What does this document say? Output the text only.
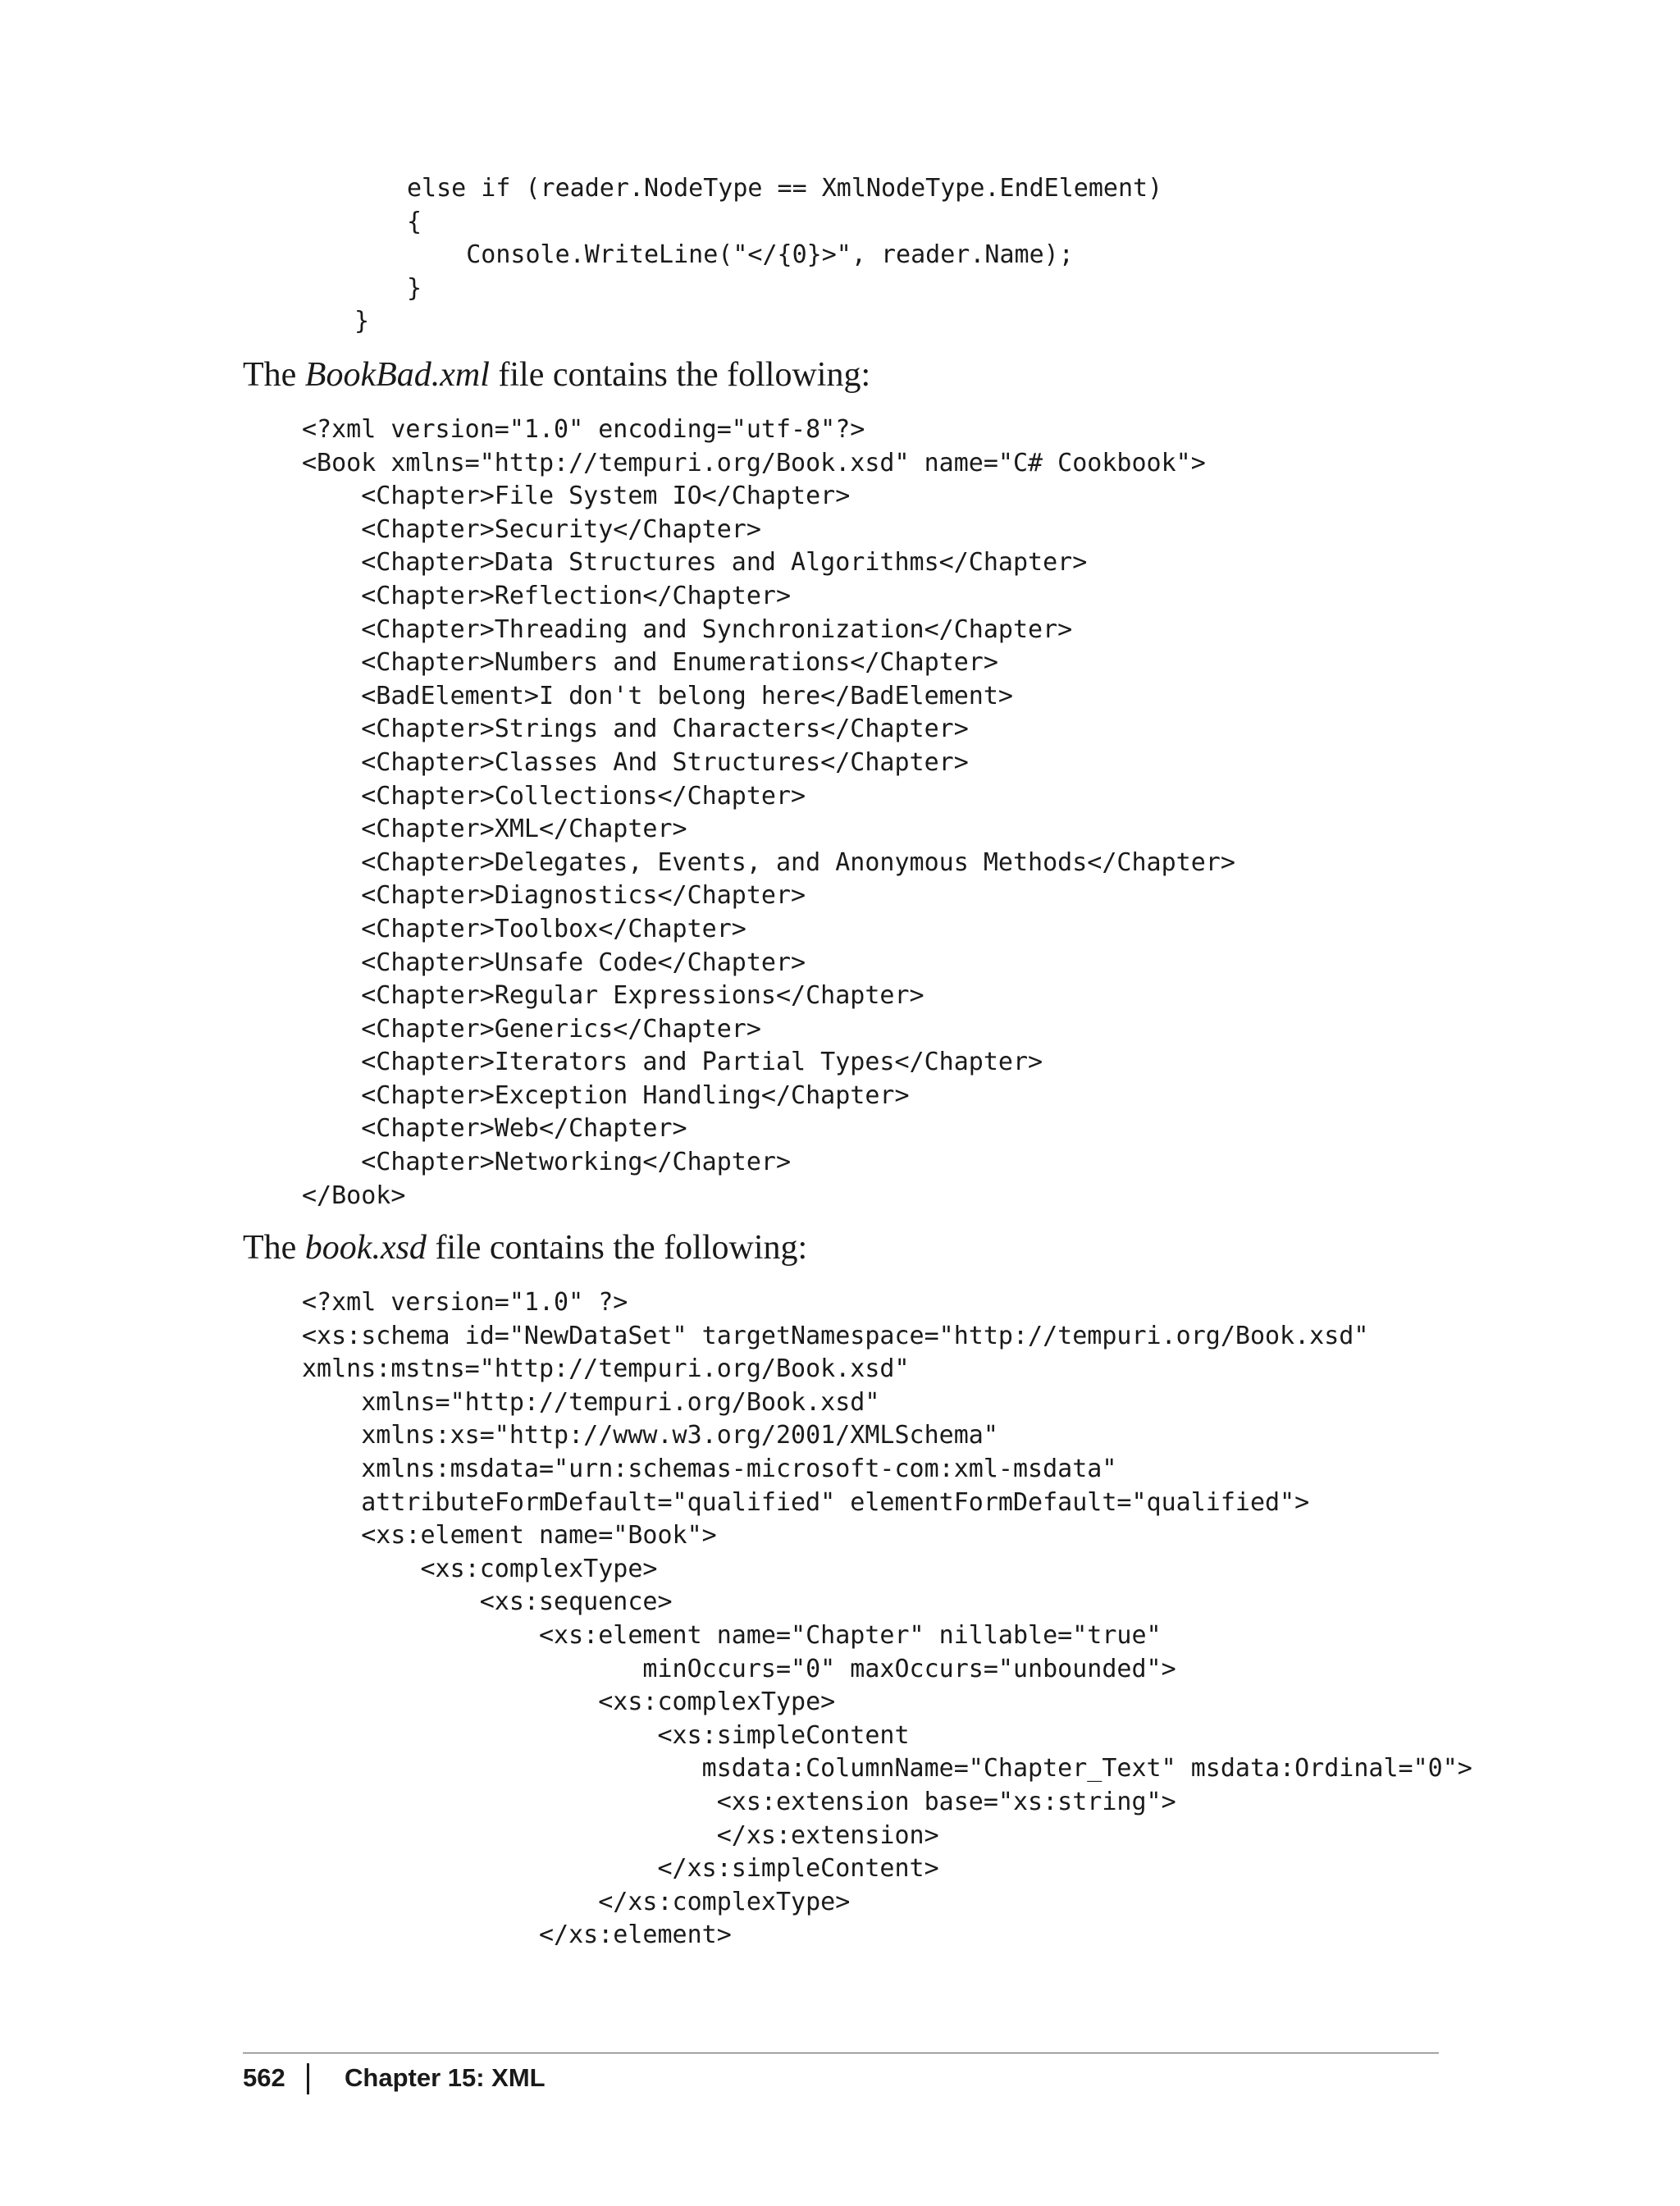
else if (reader.NodeType == XmlNodeType.EndElement)
{
Console.WriteLine("</{0}>", reader.Name);
}
}

The BookBad.xml file contains the following:

<?xml version="1.0" encoding="utf-8"?>
<Book xmlns="http://tempuri.org/Book.xsd" name="C# Cookbook">
<Chapter>File System IO</Chapter>
<Chapter>Security</Chapter>
<Chapter>Data Structures and Algorithms</Chapter>
<Chapter>Reflection</Chapter>
<Chapter>Threading and Synchronization</Chapter>
<Chapter>Numbers and Enumerations</Chapter>
<BadElement>I don't belong here</BadElement>
<Chapter>Strings and Characters</Chapter>
<Chapter>Classes And Structures</Chapter>
<Chapter>Collections</Chapter>
<Chapter>XML</Chapter>
<Chapter>Delegates, Events, and Anonymous Methods</Chapter>
<Chapter>Diagnostics</Chapter>
<Chapter>Toolbox</Chapter>
<Chapter>Unsafe Code</Chapter>
<Chapter>Regular Expressions</Chapter>
<Chapter>Generics</Chapter>
<Chapter>Iterators and Partial Types</Chapter>
<Chapter>Exception Handling</Chapter>
<Chapter>Web</Chapter>
<Chapter>Networking</Chapter>
</Book>

The book.xsd file contains the following:

<?xml version="1.0" ?>
<xs:schema id="NewDataSet" targetNamespace="http://tempuri.org/Book.xsd"
xmlns:mstns="http://tempuri.org/Book.xsd"
xmlns="http://tempuri.org/Book.xsd"
xmlns:xs="http://www.w3.org/2001/XMLSchema"
xmlns:msdata="urn:schemas-microsoft-com:xml-msdata"
attributeFormDefault="qualified" elementFormDefault="qualified">
<xs:element name="Book">
<xs:complexType>
<xs:sequence>
<xs:element name="Chapter" nillable="true"
minOccurs="0" maxOccurs="unbounded">
<xs:complexType>
<xs:simpleContent
msdata:ColumnName="Chapter_Text" msdata:Ordinal="0">
<xs:extension base="xs:string">
</xs:extension>
</xs:simpleContent>
</xs:complexType>
</xs:element>
562 Chapter 15: XML
